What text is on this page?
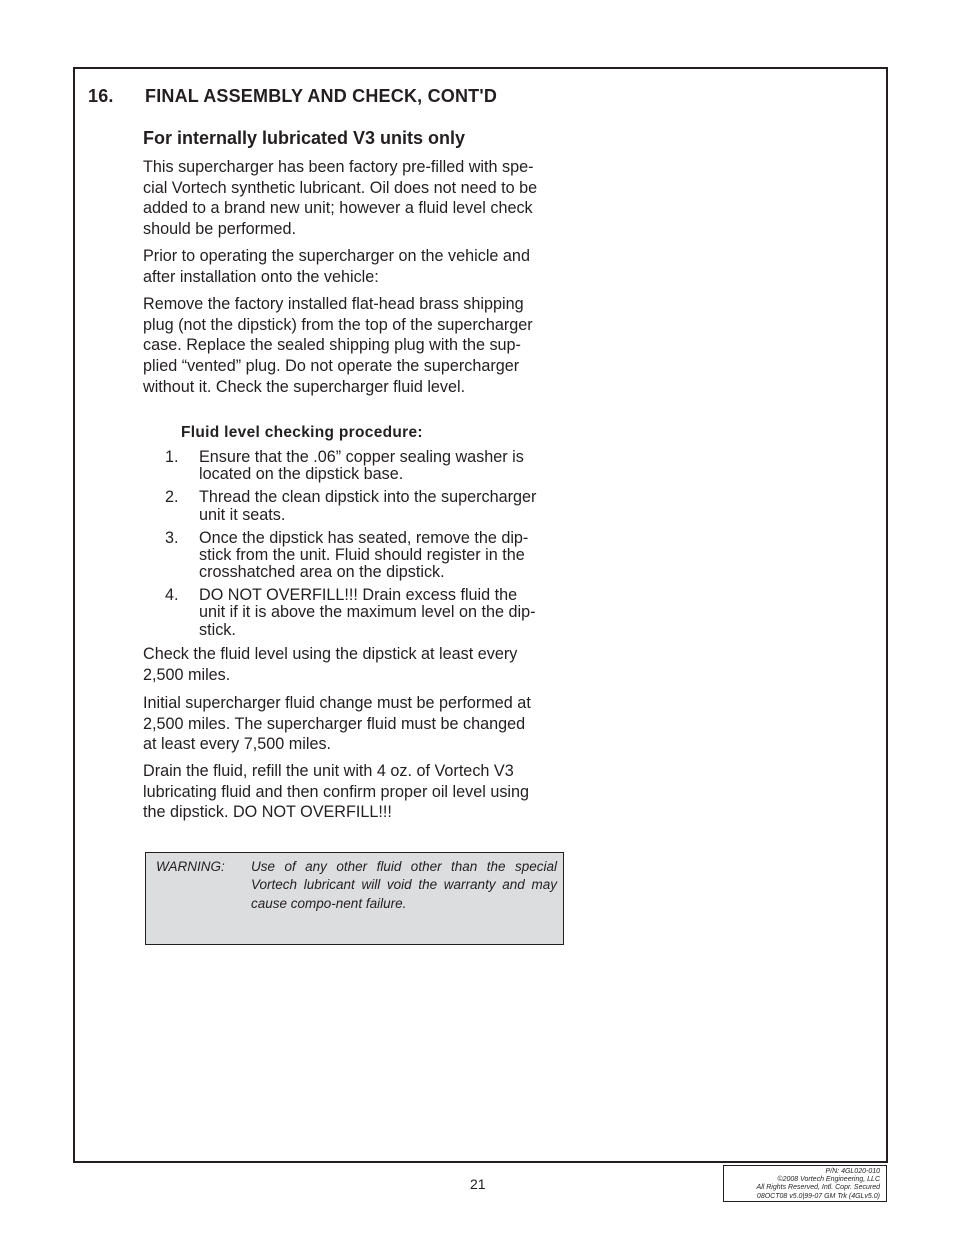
16.	FINAL ASSEMBLY AND CHECK, CONT'D
For internally lubricated V3 units only

This supercharger has been factory pre-filled with spe-
cial Vortech synthetic lubricant. Oil does not need to be
added to a brand new unit; however a fluid level check
should be performed.

Prior to operating the supercharger on the vehicle and
after installation onto the vehicle:

Remove the factory installed flat-head brass shipping
plug (not the dipstick) from the top of the supercharger
case. Replace the sealed shipping plug with the sup-
plied “vented” plug. Do not operate the supercharger
without it. Check the supercharger fluid level.

Fluid level checking procedure:
1.	Ensure that the .06” copper sealing washer is
located on the dipstick base.
2.	Thread the clean dipstick into the supercharger
unit it seats.
3.	Once the dipstick has seated, remove the dip-
stick from the unit. Fluid should register in the
crosshatched area on the dipstick.
4.	DO NOT OVERFILL!!! Drain excess fluid the
unit if it is above the maximum level on the dip-
stick.

Check the fluid level using the dipstick at least every
2,500 miles.

Initial supercharger fluid change must be performed at
2,500 miles. The supercharger fluid must be changed
at least every 7,500 miles.

Drain the fluid, refill the unit with 4 oz. of Vortech V3
lubricating fluid and then confirm proper oil level using
the dipstick. DO NOT OVERFILL!!!

WARNING: Use of any other fluid other than the special Vortech lubricant will void the warranty and may cause compo-nent failure.
21
P/N: 4GL020-010
©2008 Vortech Engineering, LLC
All Rights Reserved, Intl. Copr. Secured
08OCT08 v5.0|99-07 GM Trk (4GLv5.0)
